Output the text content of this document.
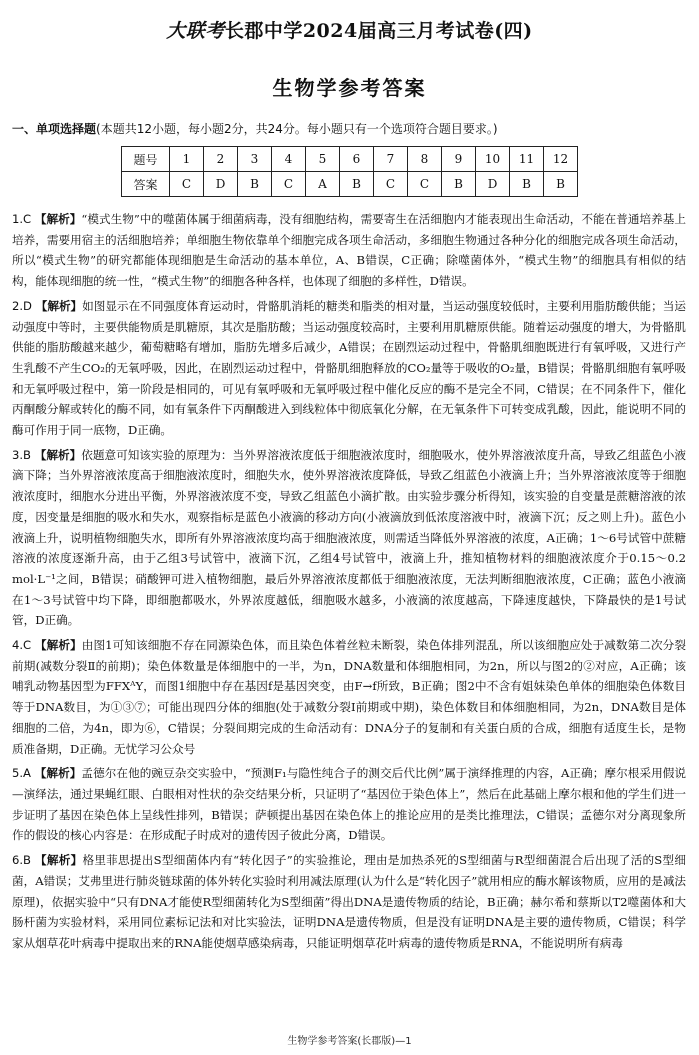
大联考长郡中学2024届高三月考试卷(四)
生物学参考答案
一、单项选择题(本题共12小题，每小题2分，共24分。每小题只有一个选项符合题目要求。)
题号	1	2	3	4	5	6	7	8	9	10	11	12
答案	C	D	B	C	A	B	C	C	B	D	B	B

1.C 【解析】“模式生物”中的噬菌体属于细菌病毒，没有细胞结构，需要寄生在活细胞内才能表现出生命活动，不能在普通培养基上培养，需要用宿主的活细胞培养；单细胞生物依靠单个细胞完成各项生命活动，多细胞生物通过各种分化的细胞完成各项生命活动，所以“模式生物”的研究都能体现细胞是生命活动的基本单位，A、B错误，C正确；除噬菌体外，“模式生物”的细胞具有相似的结构，能体现细胞的统一性，“模式生物”的细胞各种各样，也体现了细胞的多样性，D错误。

2.D 【解析】如图显示在不同强度体育运动时，骨骼肌消耗的糖类和脂类的相对量，当运动强度较低时，主要利用脂肪酸供能；当运动强度中等时，主要供能物质是肌糖原，其次是脂肪酸；当运动强度较高时，主要利用肌糖原供能。随着运动强度的增大，为骨骼肌供能的脂肪酸越来越少，葡萄糖略有增加，脂肪先增多后减少，A错误；在剧烈运动过程中，骨骼肌细胞既进行有氧呼吸，又进行产生乳酸不产生CO₂的无氧呼吸，因此，在剧烈运动过程中，骨骼肌细胞释放的CO₂量等于吸收的O₂量，B错误；骨骼肌细胞有氧呼吸和无氧呼吸过程中，第一阶段是相同的，可见有氧呼吸和无氧呼吸过程中催化反应的酶不是完全不同，C错误；在不同条件下，催化丙酮酸分解或转化的酶不同，如有氧条件下丙酮酸进入到线粒体中彻底氧化分解，在无氧条件下可转变成乳酸，因此，能说明不同的酶可作用于同一底物，D正确。

3.B 【解析】依题意可知该实验的原理为：当外界溶液浓度低于细胞液浓度时，细胞吸水，使外界溶液浓度升高，导致乙组蓝色小液滴下降；当外界溶液浓度高于细胞液浓度时，细胞失水，使外界溶液浓度降低，导致乙组蓝色小液滴上升；当外界溶液浓度等于细胞液浓度时，细胞水分进出平衡，外界溶液浓度不变，导致乙组蓝色小滴扩散。由实验步骤分析得知，该实验的自变量是蔗糖溶液的浓度，因变量是细胞的吸水和失水，观察指标是蓝色小液滴的移动方向(小液滴放到低浓度溶液中时，液滴下沉；反之则上升)。蓝色小液滴上升，说明植物细胞失水，即所有外界溶液浓度均高于细胞液浓度，则需适当降低外界溶液的浓度，A正确；1～6号试管中蔗糖溶液的浓度逐渐升高，由于乙组3号试管中，液滴下沉，乙组4号试管中，液滴上升，推知植物材料的细胞液浓度介于0.15～0.2 mol·L⁻¹之间，B错误；硝酸钾可进入植物细胞，最后外界溶液浓度都低于细胞液浓度，无法判断细胞液浓度，C正确；蓝色小液滴在1～3号试管中均下降，即细胞都吸水，外界浓度越低，细胞吸水越多，小液滴的浓度越高，下降速度越快，下降最快的是1号试管，D正确。

4.C 【解析】由图1可知该细胞不存在同源染色体，而且染色体着丝粒未断裂，染色体排列混乱，所以该细胞应处于减数第二次分裂前期(减数分裂Ⅱ的前期)；染色体数量是体细胞中的一半，为n，DNA数量和体细胞相同，为2n，所以与图2的②对应，A正确；该哺乳动物基因型为FFXᴬY，而图1细胞中存在基因f是基因突变，由F→f所致，B正确；图2中不含有姐妹染色单体的细胞染色体数目等于DNA数目，为①③⑦；可能出现四分体的细胞(处于减数分裂Ⅰ前期或中期)，染色体数目和体细胞相同，为2n，DNA数目是体细胞的二倍，为4n，即为⑥，C错误；分裂间期完成的生命活动有：DNA分子的复制和有关蛋白质的合成，细胞有适度生长，是物质准备期，D正确。无忧学习公众号

5.A 【解析】孟德尔在他的豌豆杂交实验中，“预测F₁与隐性纯合子的测交后代比例”属于演绎推理的内容，A正确；摩尔根采用假说—演绎法，通过果蝇红眼、白眼相对性状的杂交结果分析，只证明了“基因位于染色体上”，然后在此基础上摩尔根和他的学生们进一步证明了基因在染色体上呈线性排列，B错误；萨顿提出基因在染色体上的推论应用的是类比推理法，C错误；孟德尔对分离现象所作的假设的核心内容是：在形成配子时成对的遗传因子彼此分离，D错误。

6.B 【解析】格里菲思提出S型细菌体内有“转化因子”的实验推论，理由是加热杀死的S型细菌与R型细菌混合后出现了活的S型细菌，A错误；艾弗里进行肺炎链球菌的体外转化实验时利用减法原理(认为什么是“转化因子”就用相应的酶水解该物质，应用的是减法原理)，依据实验中“只有DNA才能使R型细菌转化为S型细菌”得出DNA是遗传物质的结论，B正确；赫尔希和蔡斯以T2噬菌体和大肠杆菌为实验材料，采用同位素标记法和对比实验法，证明DNA是遗传物质，但是没有证明DNA是主要的遗传物质，C错误；科学家从烟草花叶病毒中提取出来的RNA能使烟草感染病毒，只能证明烟草花叶病毒的遗传物质是RNA，不能说明所有病毒

生物学参考答案(长郡版)—1
